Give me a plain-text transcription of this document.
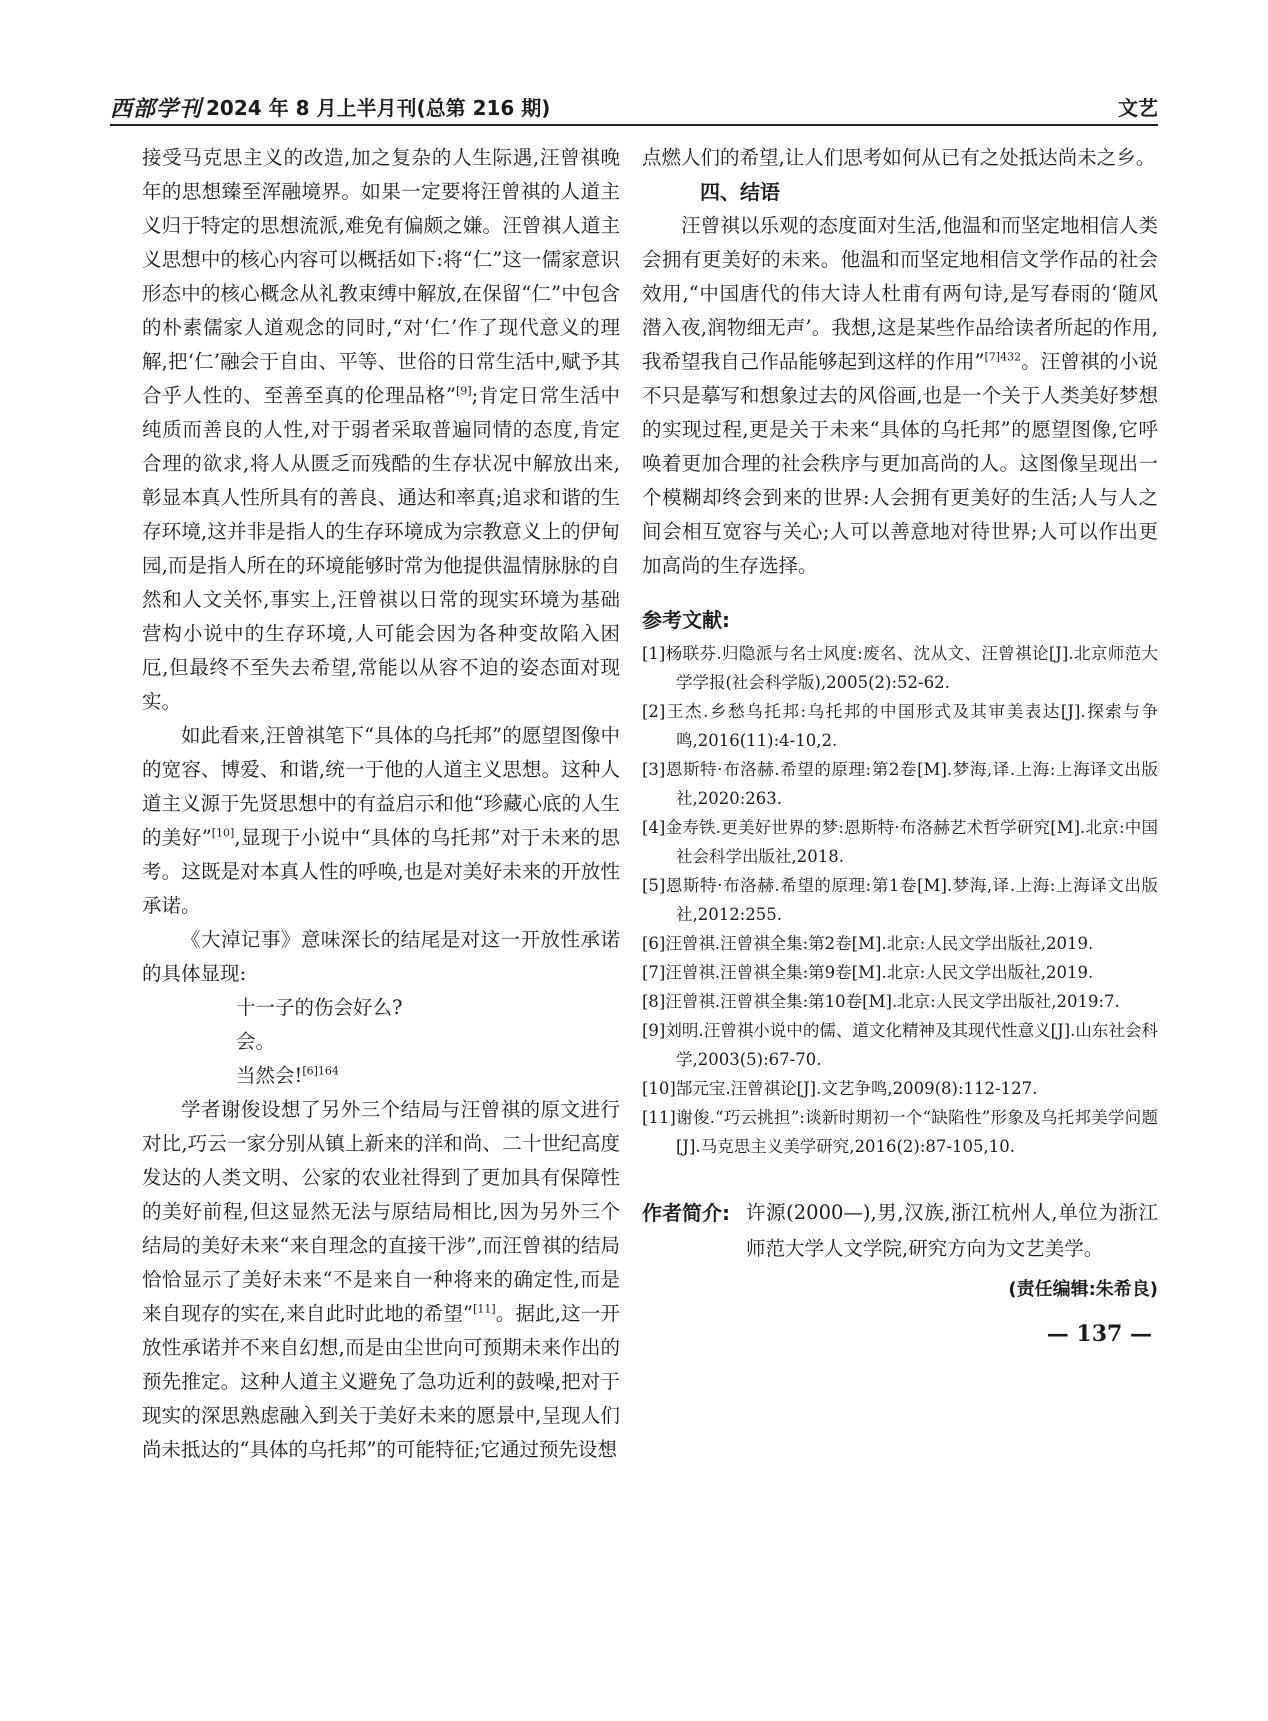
西部学刊 2024 年 8 月上半月刊(总第 216 期)	文艺

接受马克思主义的改造,加之复杂的人生际遇,汪曾祺晚年的思想臻至浑融境界。如果一定要将汪曾祺的人道主义归于特定的思想流派,难免有偏颇之嫌。汪曾祺人道主义思想中的核心内容可以概括如下:将“仁”这一儒家意识形态中的核心概念从礼教束缚中解放,在保留“仁”中包含的朴素儒家人道观念的同时,“对‘仁’作了现代意义的理解,把‘仁’融会于自由、平等、世俗的日常生活中,赋予其合乎人性的、至善至真的伦理品格”[9];肯定日常生活中纯质而善良的人性,对于弱者采取普遍同情的态度,肯定合理的欲求,将人从匮乏而残酷的生存状况中解放出来,彰显本真人性所具有的善良、通达和率真;追求和谐的生存环境,这并非是指人的生存环境成为宗教意义上的伊甸园,而是指人所在的环境能够时常为他提供温情脉脉的自然和人文关怀,事实上,汪曾祺以日常的现实环境为基础营构小说中的生存环境,人可能会因为各种变故陷入困厄,但最终不至失去希望,常能以从容不迫的姿态面对现实。

如此看来,汪曾祺笔下“具体的乌托邦”的愿望图像中的宽容、博爱、和谐,统一于他的人道主义思想。这种人道主义源于先贤思想中的有益启示和他“珍藏心底的人生的美好”[10],显现于小说中“具体的乌托邦”对于未来的思考。这既是对本真人性的呼唤,也是对美好未来的开放性承诺。

《大淖记事》意味深长的结尾是对这一开放性承诺的具体显现:

十一子的伤会好么?
会。
当然会!$^{[6]164}$

学者谢俊设想了另外三个结局与汪曾祺的原文进行对比,巧云一家分别从镇上新来的洋和尚、二十世纪高度发达的人类文明、公家的农业社得到了更加具有保障性的美好前程,但这显然无法与原结局相比,因为另外三个结局的美好未来“来自理念的直接干涉”,而汪曾祺的结局恰恰显示了美好未来“不是来自一种将来的确定性,而是来自现存的实在,来自此时此地的希望”[11]。据此,这一开放性承诺并不来自幻想,而是由尘世向可预期未来作出的预先推定。这种人道主义避免了急功近利的鼓噪,把对于现实的深思熟虑融入到关于美好未来的愿景中,呈现人们尚未抵达的“具体的乌托邦”的可能特征;它通过预先设想

点燃人们的希望,让人们思考如何从已有之处抵达尚未之乡。

四、结语

汪曾祺以乐观的态度面对生活,他温和而坚定地相信人类会拥有更美好的未来。他温和而坚定地相信文学作品的社会效用,“中国唐代的伟大诗人杜甫有两句诗,是写春雨的‘随风潜入夜,润物细无声’。我想,这是某些作品给读者所起的作用,我希望我自己作品能够起到这样的作用”$^{[7]432}$。汪曾祺的小说不只是摹写和想象过去的风俗画,也是一个关于人类美好梦想的实现过程,更是关于未来“具体的乌托邦”的愿望图像,它呼唤着更加合理的社会秩序与更加高尚的人。这图像呈现出一个模糊却终会到来的世界:人会拥有更美好的生活;人与人之间会相互宽容与关心;人可以善意地对待世界;人可以作出更加高尚的生存选择。

参考文献:
[1]杨联芬.归隐派与名士风度:废名、沈从文、汪曾祺论[J].北京师范大学学报(社会科学版),2005(2):52-62.
[2]王杰.乡愁乌托邦:乌托邦的中国形式及其审美表达[J].探索与争鸣,2016(11):4-10,2.
[3]恩斯特·布洛赫.希望的原理:第2卷[M].梦海,译.上海:上海译文出版社,2020:263.
[4]金寿铁.更美好世界的梦:恩斯特·布洛赫艺术哲学研究[M].北京:中国社会科学出版社,2018.
[5]恩斯特·布洛赫.希望的原理:第1卷[M].梦海,译.上海:上海译文出版社,2012:255.
[6]汪曾祺.汪曾祺全集:第2卷[M].北京:人民文学出版社,2019.
[7]汪曾祺.汪曾祺全集:第9卷[M].北京:人民文学出版社,2019.
[8]汪曾祺.汪曾祺全集:第10卷[M].北京:人民文学出版社,2019:7.
[9]刘明.汪曾祺小说中的儒、道文化精神及其现代性意义[J].山东社会科学,2003(5):67-70.
[10]郜元宝.汪曾祺论[J].文艺争鸣,2009(8):112-127.
[11]谢俊.“巧云挑担”:谈新时期初一个“缺陷性”形象及乌托邦美学问题[J].马克思主义美学研究,2016(2):87-105,10.
作者简介: 许源(2000—),男,汉族,浙江杭州人,单位为浙江师范大学人文学院,研究方向为文艺美学。
(责任编辑:朱希良)
— 137 —
